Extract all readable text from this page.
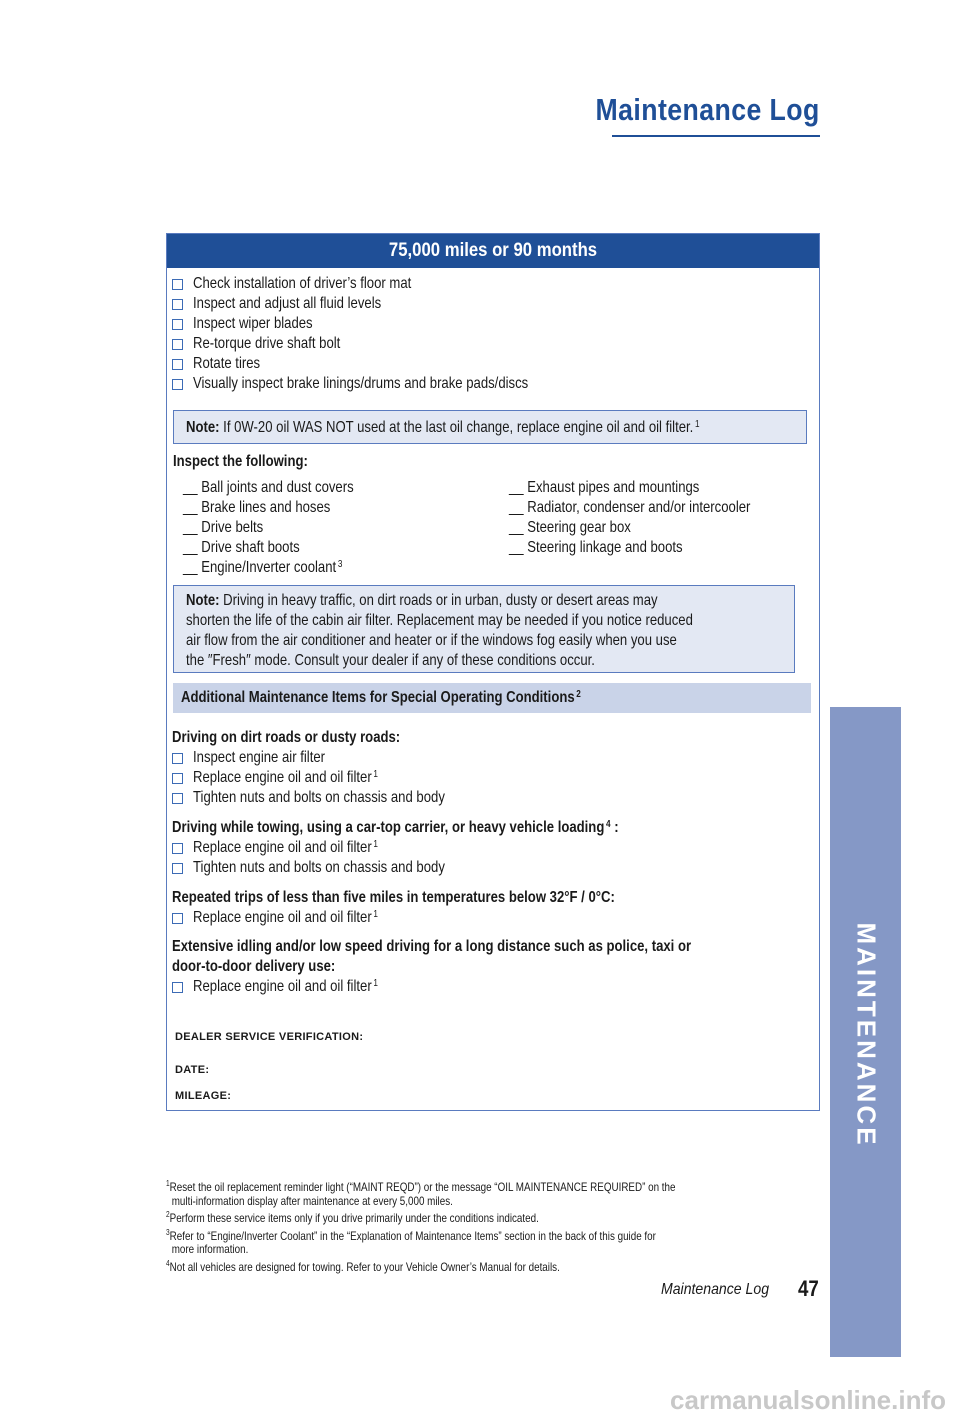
Maintenance Log
MAINTENANCE
75,000 miles or 90 months
Check installation of driver’s floor mat
Inspect and adjust all fluid levels
Inspect wiper blades
Re-torque drive shaft bolt
Rotate tires
Visually inspect brake linings/drums and brake pads/discs
Note: If 0W-20 oil WAS NOT used at the last oil change, replace engine oil and oil filter. $^1$
Inspect the following:
__ Ball joints and dust covers
__ Brake lines and hoses
__ Drive belts
__ Drive shaft boots
__ Engine/Inverter coolant $^3$
__ Exhaust pipes and mountings
__ Radiator, condenser and/or intercooler
__ Steering gear box
__ Steering linkage and boots
Note: Driving in heavy traffic, on dirt roads or in urban, dusty or desert areas may
shorten the life of the cabin air filter. Replacement may be needed if you notice reduced
air flow from the air conditioner and heater or if the windows fog easily when you use
the ″Fresh″ mode. Consult your dealer if any of these conditions occur.
Additional Maintenance Items for Special Operating Conditions $^2$
Driving on dirt roads or dusty roads:
Inspect engine air filter
Replace engine oil and oil filter $^1$
Tighten nuts and bolts on chassis and body
Driving while towing, using a car-top carrier, or heavy vehicle loading $^4$ :
Replace engine oil and oil filter $^1$
Tighten nuts and bolts on chassis and body
Repeated trips of less than five miles in temperatures below 32°F / 0°C:
Replace engine oil and oil filter $^1$
Extensive idling and/or low speed driving for a long distance such as police, taxi or
door-to-door delivery use:
Replace engine oil and oil filter $^1$
DEALER SERVICE VERIFICATION:
DATE:
MILEAGE:
$^1$Reset the oil replacement reminder light (“MAINT REQD”) or the message “OIL MAINTENANCE REQUIRED” on the
multi-information display after maintenance at every 5,000 miles.
$^2$Perform these service items only if you drive primarily under the conditions indicated.
$^3$Refer to “Engine/Inverter Coolant” in the “Explanation of Maintenance Items” section in the back of this guide for
more information.
$^4$Not all vehicles are designed for towing. Refer to your Vehicle Owner’s Manual for details.
Maintenance Log 47
carmanualsonline.info
